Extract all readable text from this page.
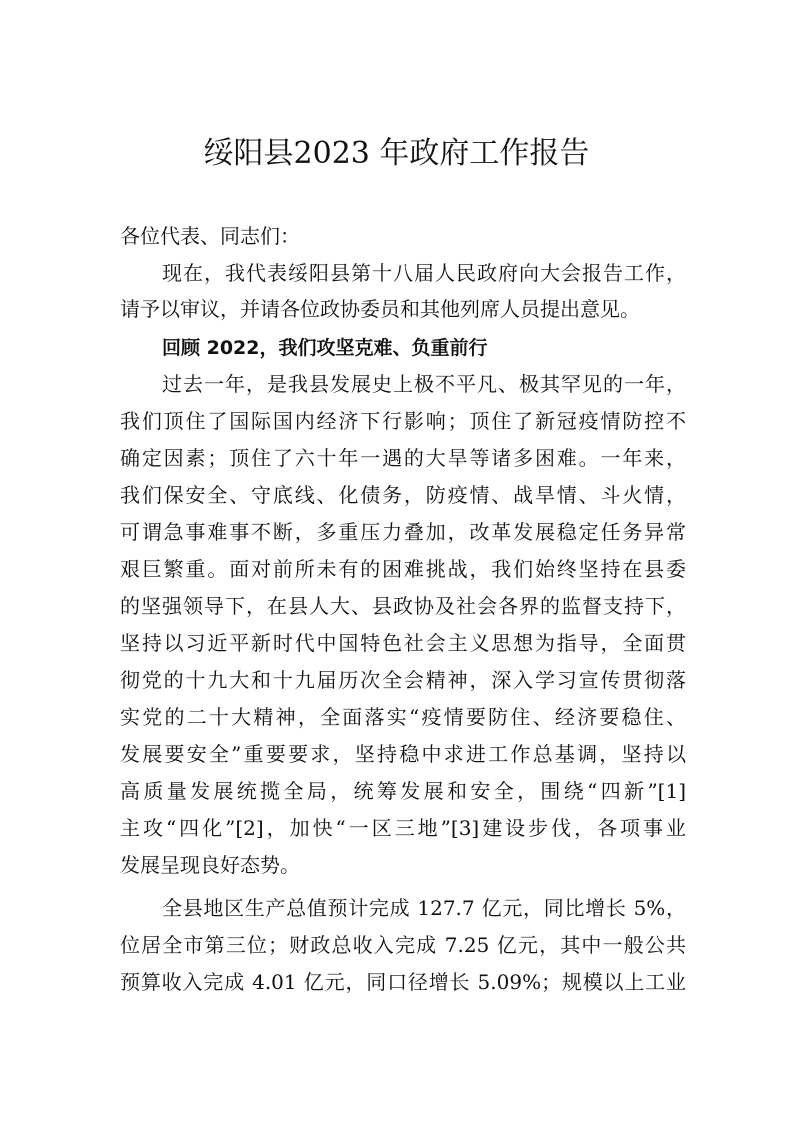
绥阳县2023 年政府工作报告
各位代表、同志们：
现在，我代表绥阳县第十八届人民政府向大会报告工作，
请予以审议，并请各位政协委员和其他列席人员提出意见。
回顾 2022，我们攻坚克难、负重前行
过去一年，是我县发展史上极不平凡、极其罕见的一年，
我们顶住了国际国内经济下行影响；顶住了新冠疫情防控不
确定因素；顶住了六十年一遇的大旱等诸多困难。一年来，
我们保安全、守底线、化债务，防疫情、战旱情、斗火情，
可谓急事难事不断，多重压力叠加，改革发展稳定任务异常
艰巨繁重。面对前所未有的困难挑战，我们始终坚持在县委
的坚强领导下，在县人大、县政协及社会各界的监督支持下，
坚持以习近平新时代中国特色社会主义思想为指导，全面贯
彻党的十九大和十九届历次全会精神，深入学习宣传贯彻落
实党的二十大精神，全面落实“疫情要防住、经济要稳住、
发展要安全”重要要求，坚持稳中求进工作总基调，坚持以
高质量发展统揽全局，统筹发展和安全，围绕“四新”[1]
主攻“四化”[2]，加快“一区三地”[3]建设步伐，各项事业
发展呈现良好态势。
全县地区生产总值预计完成 127.7 亿元，同比增长 5%，
位居全市第三位；财政总收入完成 7.25 亿元，其中一般公共
预算收入完成 4.01 亿元，同口径增长 5.09%；规模以上工业
